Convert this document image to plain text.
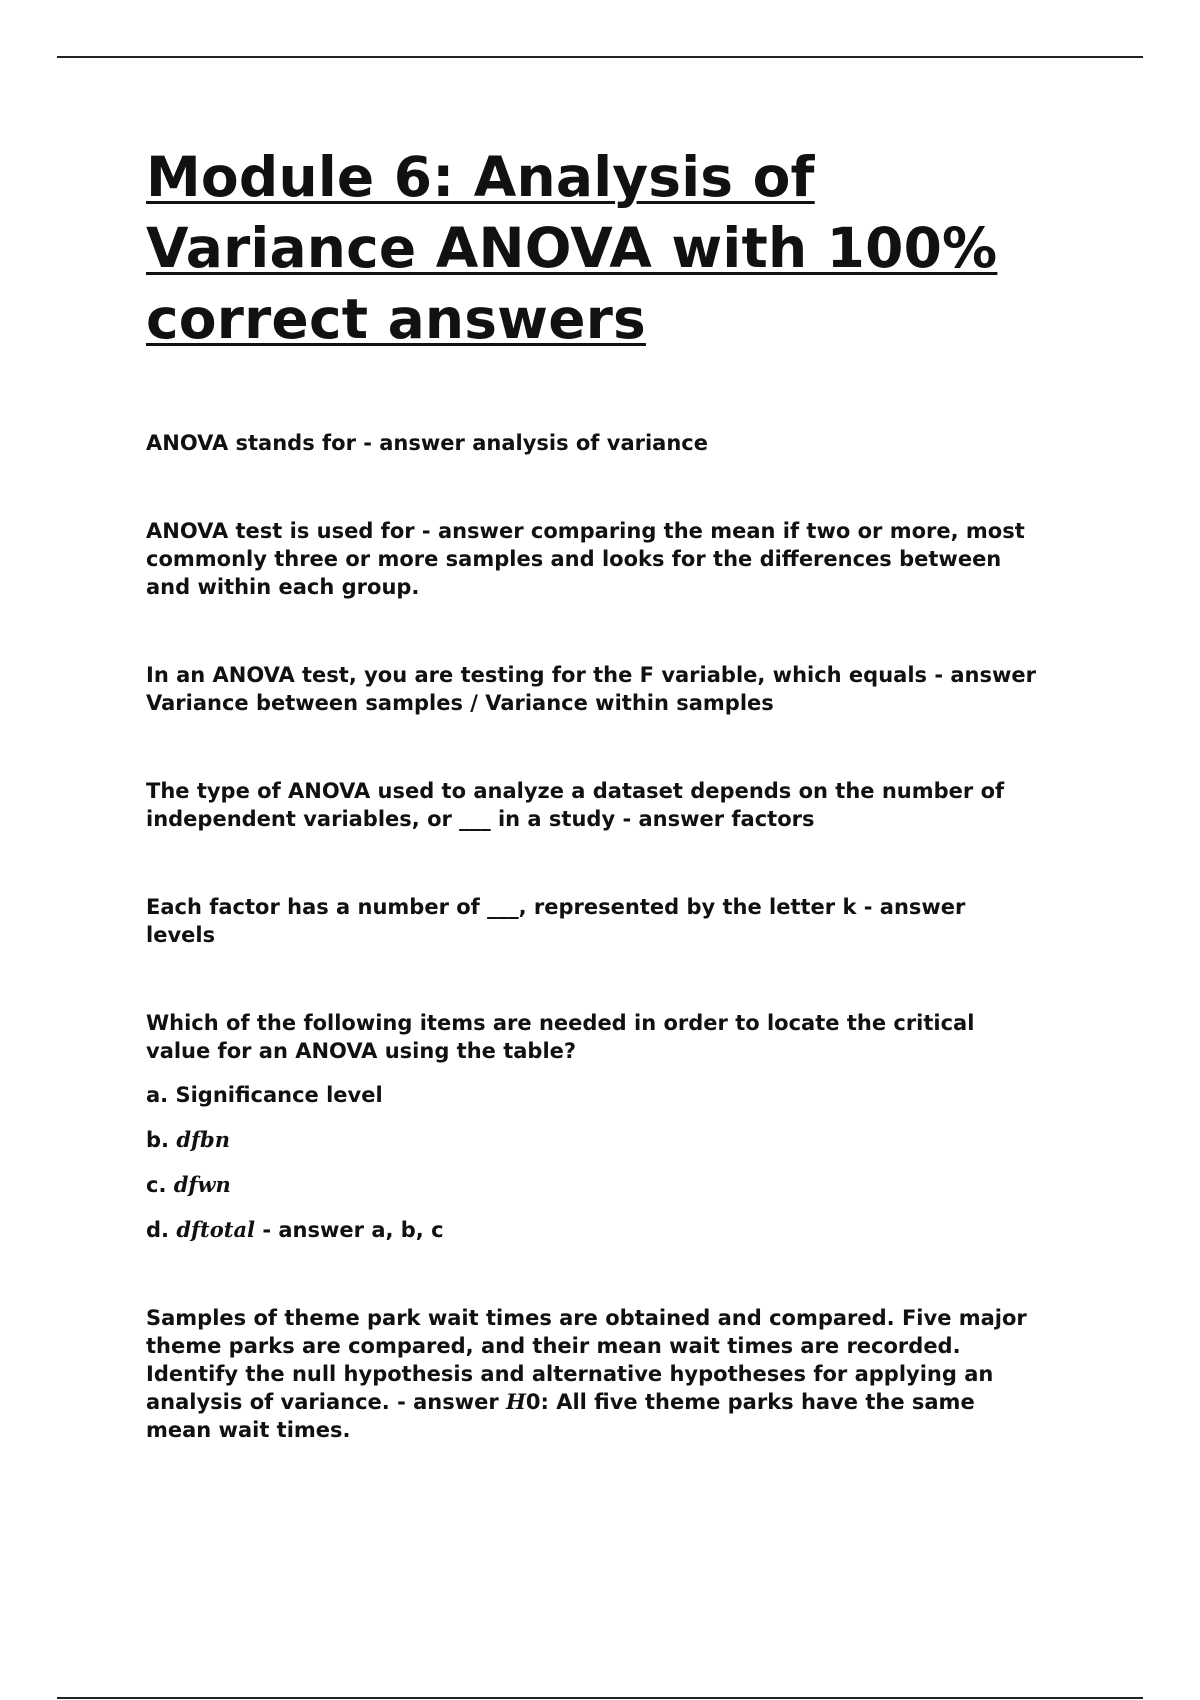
Module 6: Analysis of Variance ANOVA with 100% correct answers

ANOVA stands for - answer analysis of variance

ANOVA test is used for - answer comparing the mean if two or more, most
commonly three or more samples and looks for the differences between
and within each group.

In an ANOVA test, you are testing for the F variable, which equals - answer
Variance between samples / Variance within samples

The type of ANOVA used to analyze a dataset depends on the number of
independent variables, or ___ in a study - answer factors

Each factor has a number of ___, represented by the letter k - answer
levels

Which of the following items are needed in order to locate the critical
value for an ANOVA using the table?

a. Significance level

b. dfbn

c. dfwn

d. dftotal - answer a, b, c

Samples of theme park wait times are obtained and compared. Five major
theme parks are compared, and their mean wait times are recorded.
Identify the null hypothesis and alternative hypotheses for applying an
analysis of variance. - answer H0: All five theme parks have the same
mean wait times.
